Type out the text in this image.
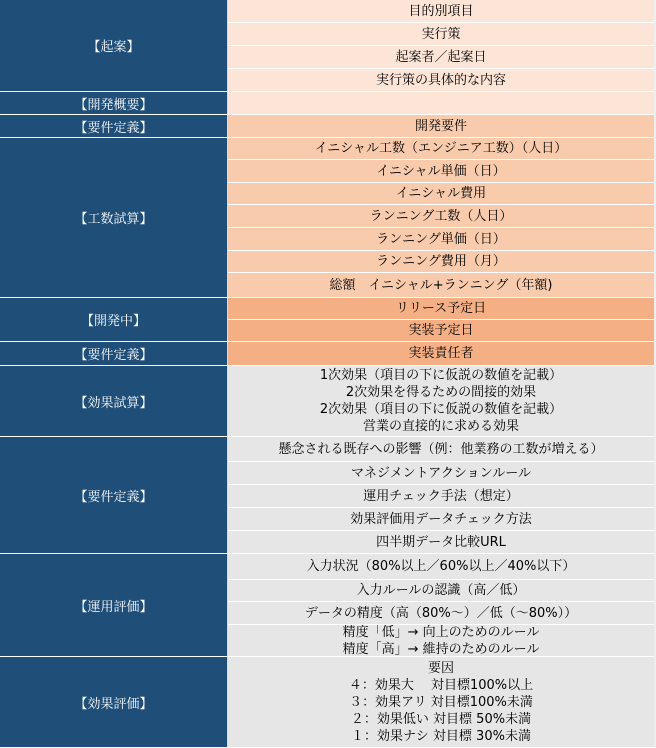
【起案】
【開発概要】
【要件定義】
【工数試算】
【開発中】
【要件定義】
【効果試算】
【要件定義】
【運用評価】
【効果評価】
目的別項目
実行策
起案者／起案日
実行策の具体的な内容
開発要件
イニシャル工数（エンジニア工数）（人日）
イニシャル単価（日）
イニシャル費用
ランニング工数（人日）
ランニング単価（日）
ランニング費用（月）
総額　イニシャル+ランニング（年額)
リリース予定日
実装予定日
実装責任者
1次効果（項目の下に仮説の数値を記載）
2次効果を得るための間接的効果
2次効果（項目の下に仮説の数値を記載）
営業の直接的に求める効果
懸念される既存への影響（例：他業務の工数が増える）
マネジメントアクションルール
運用チェック手法（想定）
効果評価用データチェック方法
四半期データ比較URL
入力状況（80%以上／60%以上／40%以下）
入力ルールの認識（高／低）
データの精度（高（80%〜）／低（〜80%））
精度「低」→ 向上のためのルール
精度「高」→ 維持のためのルール
要因
４：効果大　 対目標100%以上
３：効果アリ 対目標100%未満
２：効果低い 対目標 50%未満
１：効果ナシ 対目標 30%未満
